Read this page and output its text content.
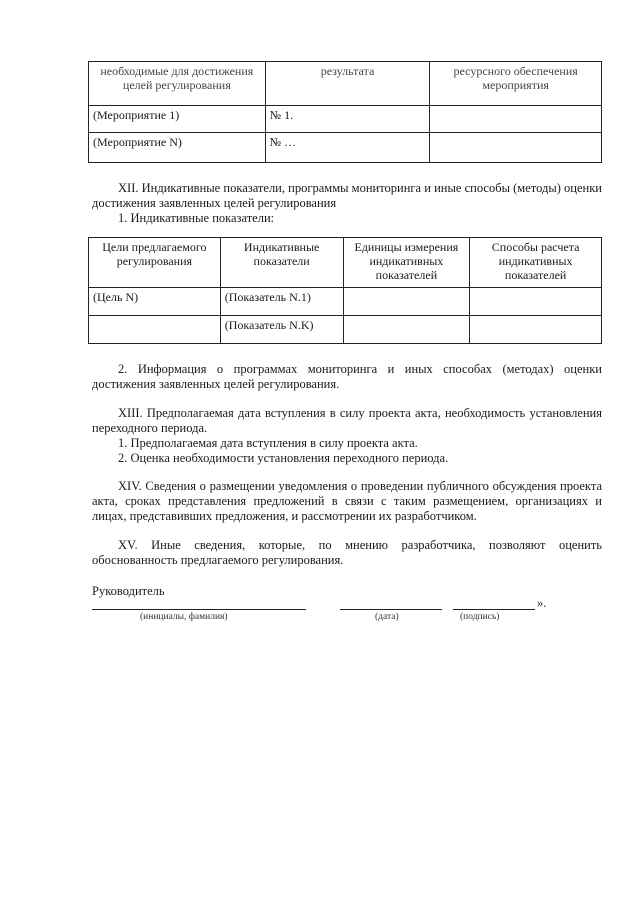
необходимые для достижения целей регулирования	результата	ресурсного обеспечения мероприятия
(Мероприятие 1)	№ 1.	
(Мероприятие N)	№ …	

XII. Индикативные показатели, программы мониторинга и иные способы (методы) оценки

достижения заявленных целей регулирования

1. Индикативные показатели:

Цели предлагаемого регулирования	Индикативные показатели	Единицы измерения индикативных показателей	Способы расчета индикативных показателей
(Цель N)	(Показатель N.1)		
	(Показатель N.K)		

2. Информация о программах мониторинга и иных способах (методах) оценки

достижения заявленных целей регулирования.

XIII. Предполагаемая дата вступления в силу проекта акта, необходимость установления

переходного периода.

1. Предполагаемая дата вступления в силу проекта акта.

2. Оценка необходимости установления переходного периода.

XIV. Сведения о размещении уведомления о проведении публичного обсуждения проекта

акта, сроках представления предложений в связи с таким размещением, организациях и

лицах, представивших предложения, и рассмотрении их разработчиком.

XV. Иные сведения, которые, по мнению разработчика, позволяют оценить

обоснованность предлагаемого регулирования.

Руководитель

».
(инициалы, фамилия)	(дата)	(подпись)
